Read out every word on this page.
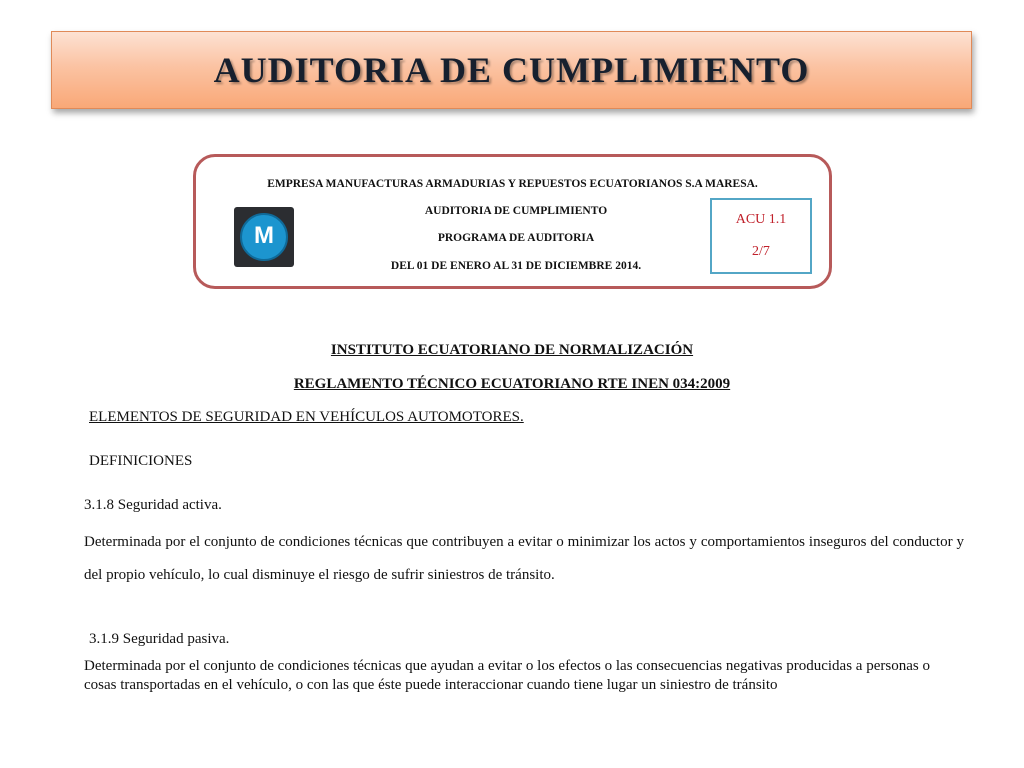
AUDITORIA DE CUMPLIMIENTO
EMPRESA MANUFACTURAS ARMADURIAS Y REPUESTOS ECUATORIANOS S.A MARESA.
AUDITORIA DE CUMPLIMIENTO
PROGRAMA DE AUDITORIA
DEL 01 DE ENERO AL 31 DE DICIEMBRE 2014.
M
ACU 1.1
2/7
INSTITUTO ECUATORIANO DE NORMALIZACIÓN
REGLAMENTO TÉCNICO ECUATORIANO RTE INEN 034:2009
ELEMENTOS DE SEGURIDAD EN VEHÍCULOS AUTOMOTORES.
DEFINICIONES
3.1.8 Seguridad activa.

Determinada por el conjunto de condiciones técnicas que contribuyen a evitar o minimizar los actos y comportamientos inseguros del conductor y del propio vehículo, lo cual disminuye el riesgo de sufrir siniestros de tránsito.

3.1.9 Seguridad pasiva.

Determinada por el conjunto de condiciones técnicas que ayudan a evitar o los efectos o las consecuencias negativas producidas a personas o cosas transportadas en el vehículo, o con las que éste puede interaccionar cuando tiene lugar un siniestro de tránsito
